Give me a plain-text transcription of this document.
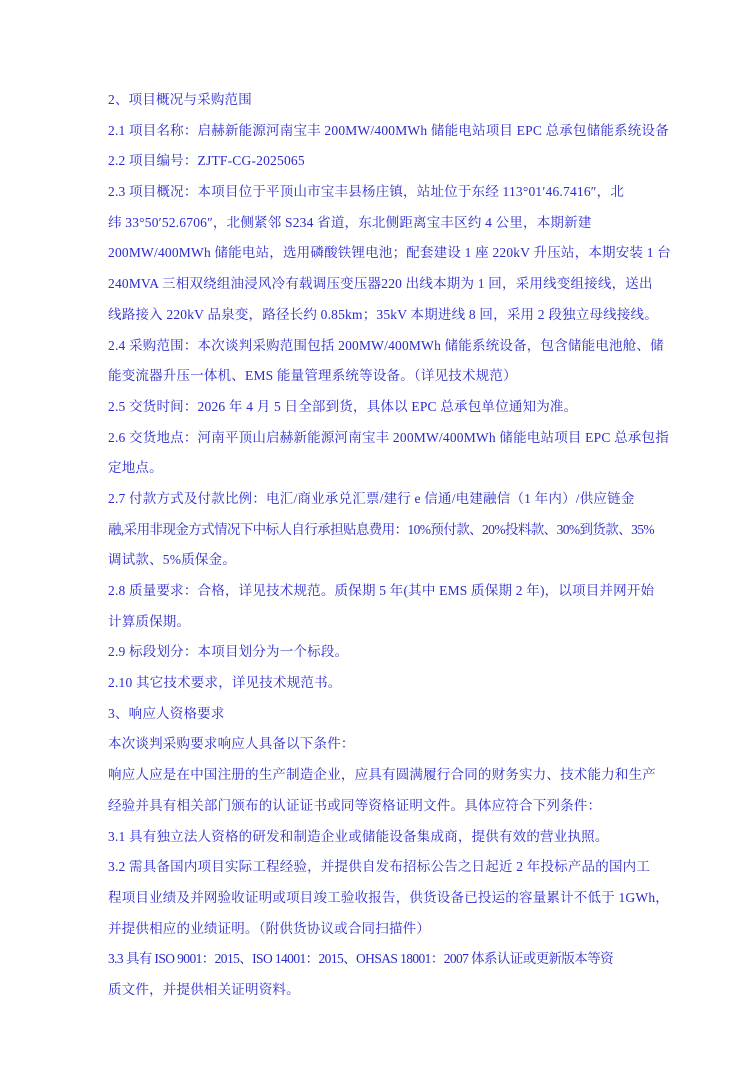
2、项目概况与采购范围

2.1 项目名称：启赫新能源河南宝丰 200MW/400MWh 储能电站项目 EPC 总承包储能系统设备

2.2 项目编号：ZJTF-CG-2025065

2.3 项目概况：本项目位于平顶山市宝丰县杨庄镇，站址位于东经 113°01′46.7416″，北
纬 33°50′52.6706″，北侧紧邻 S234 省道，东北侧距离宝丰区约 4 公里，本期新建
200MW/400MWh 储能电站，选用磷酸铁锂电池；配套建设 1 座 220kV 升压站，本期安装 1 台
240MVA 三相双绕组油浸风冷有载调压变压器220 出线本期为 1 回，采用线变组接线，送出
线路接入 220kV 品泉变，路径长约 0.85km；35kV 本期进线 8 回，采用 2 段独立母线接线。

2.4 采购范围：本次谈判采购范围包括 200MW/400MWh 储能系统设备，包含储能电池舱、储
能变流器升压一体机、EMS 能量管理系统等设备。（详见技术规范）

2.5 交货时间：2026 年 4 月 5 日全部到货，具体以 EPC 总承包单位通知为准。

2.6 交货地点：河南平顶山启赫新能源河南宝丰 200MW/400MWh 储能电站项目 EPC 总承包指
定地点。

2.7 付款方式及付款比例：电汇/商业承兑汇票/建行 e 信通/电建融信（1 年内）/供应链金
融,采用非现金方式情况下中标人自行承担贴息费用：10%预付款、20%投料款、30%到货款、35%
调试款、5%质保金。

2.8 质量要求：合格，详见技术规范。质保期 5 年(其中 EMS 质保期 2 年)，以项目并网开始
计算质保期。

2.9 标段划分：本项目划分为一个标段。

2.10 其它技术要求，详见技术规范书。

3、响应人资格要求

本次谈判采购要求响应人具备以下条件：

响应人应是在中国注册的生产制造企业，应具有圆满履行合同的财务实力、技术能力和生产
经验并具有相关部门颁布的认证证书或同等资格证明文件。具体应符合下列条件：

3.1 具有独立法人资格的研发和制造企业或储能设备集成商，提供有效的营业执照。

3.2 需具备国内项目实际工程经验，并提供自发布招标公告之日起近 2 年投标产品的国内工
程项目业绩及并网验收证明或项目竣工验收报告，供货设备已投运的容量累计不低于 1GWh，
并提供相应的业绩证明。（附供货协议或合同扫描件）

3.3 具有 ISO 9001：2015、ISO 14001：2015、OHSAS 18001：2007 体系认证或更新版本等资
质文件，并提供相关证明资料。
